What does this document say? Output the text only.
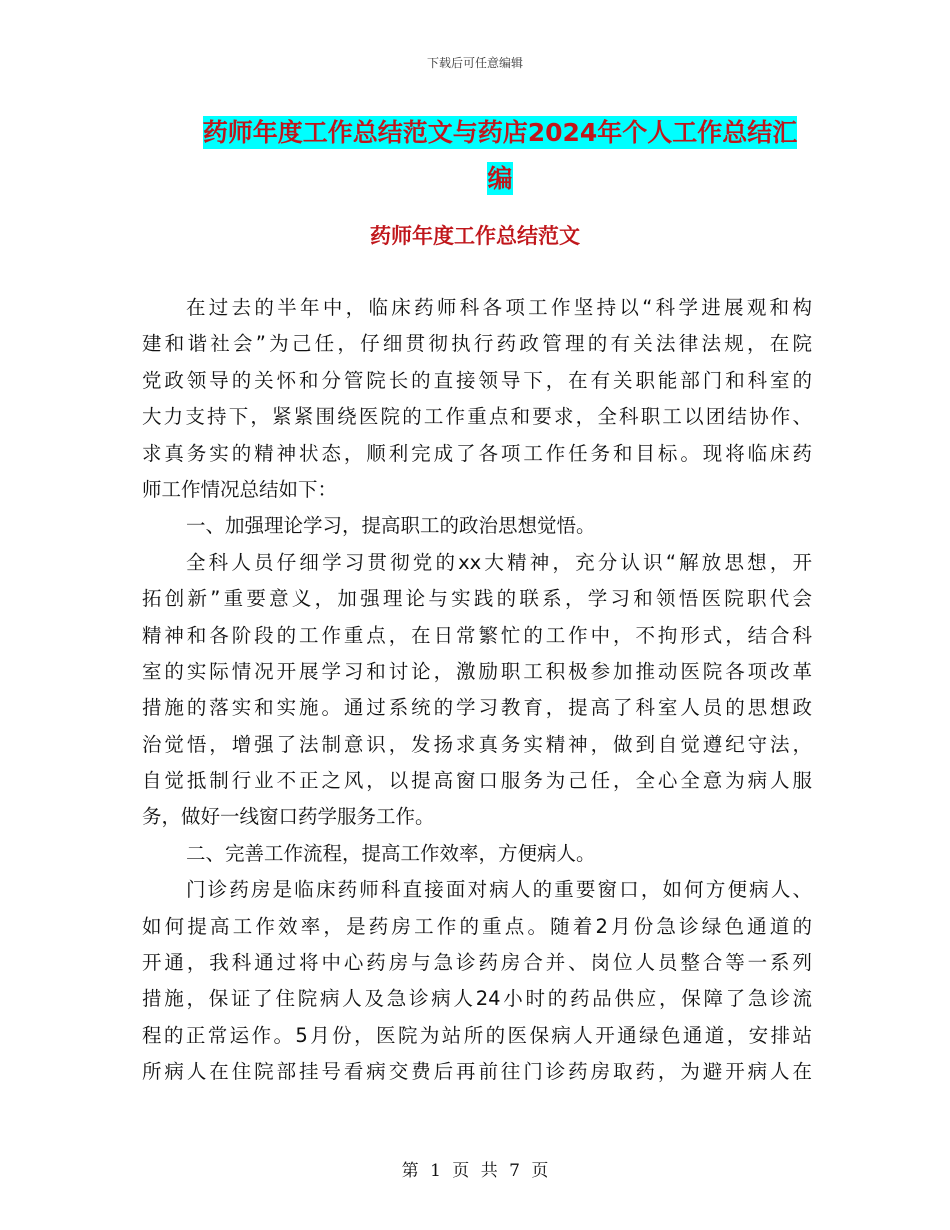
下载后可任意编辑
药师年度工作总结范文与药店2024年个人工作总结汇
编
药师年度工作总结范文
在过去的半年中，临床药师科各项工作坚持以“科学进展观和构
建和谐社会”为己任，仔细贯彻执行药政管理的有关法律法规，在院
党政领导的关怀和分管院长的直接领导下，在有关职能部门和科室的
大力支持下，紧紧围绕医院的工作重点和要求，全科职工以团结协作、
求真务实的精神状态，顺利完成了各项工作任务和目标。现将临床药
师工作情况总结如下：
一、加强理论学习，提高职工的政治思想觉悟。
全科人员仔细学习贯彻党的xx大精神，充分认识“解放思想，开
拓创新”重要意义，加强理论与实践的联系，学习和领悟医院职代会
精神和各阶段的工作重点，在日常繁忙的工作中，不拘形式，结合科
室的实际情况开展学习和讨论，激励职工积极参加推动医院各项改革
措施的落实和实施。通过系统的学习教育，提高了科室人员的思想政
治觉悟，增强了法制意识，发扬求真务实精神，做到自觉遵纪守法，
自觉抵制行业不正之风，以提高窗口服务为己任，全心全意为病人服
务，做好一线窗口药学服务工作。
二、完善工作流程，提高工作效率，方便病人。
门诊药房是临床药师科直接面对病人的重要窗口，如何方便病人、
如何提高工作效率，是药房工作的重点。随着2月份急诊绿色通道的
开通，我科通过将中心药房与急诊药房合并、岗位人员整合等一系列
措施，保证了住院病人及急诊病人24小时的药品供应，保障了急诊流
程的正常运作。5月份，医院为站所的医保病人开通绿色通道，安排站
所病人在住院部挂号看病交费后再前往门诊药房取药，为避开病人在
第 1 页 共 7 页
